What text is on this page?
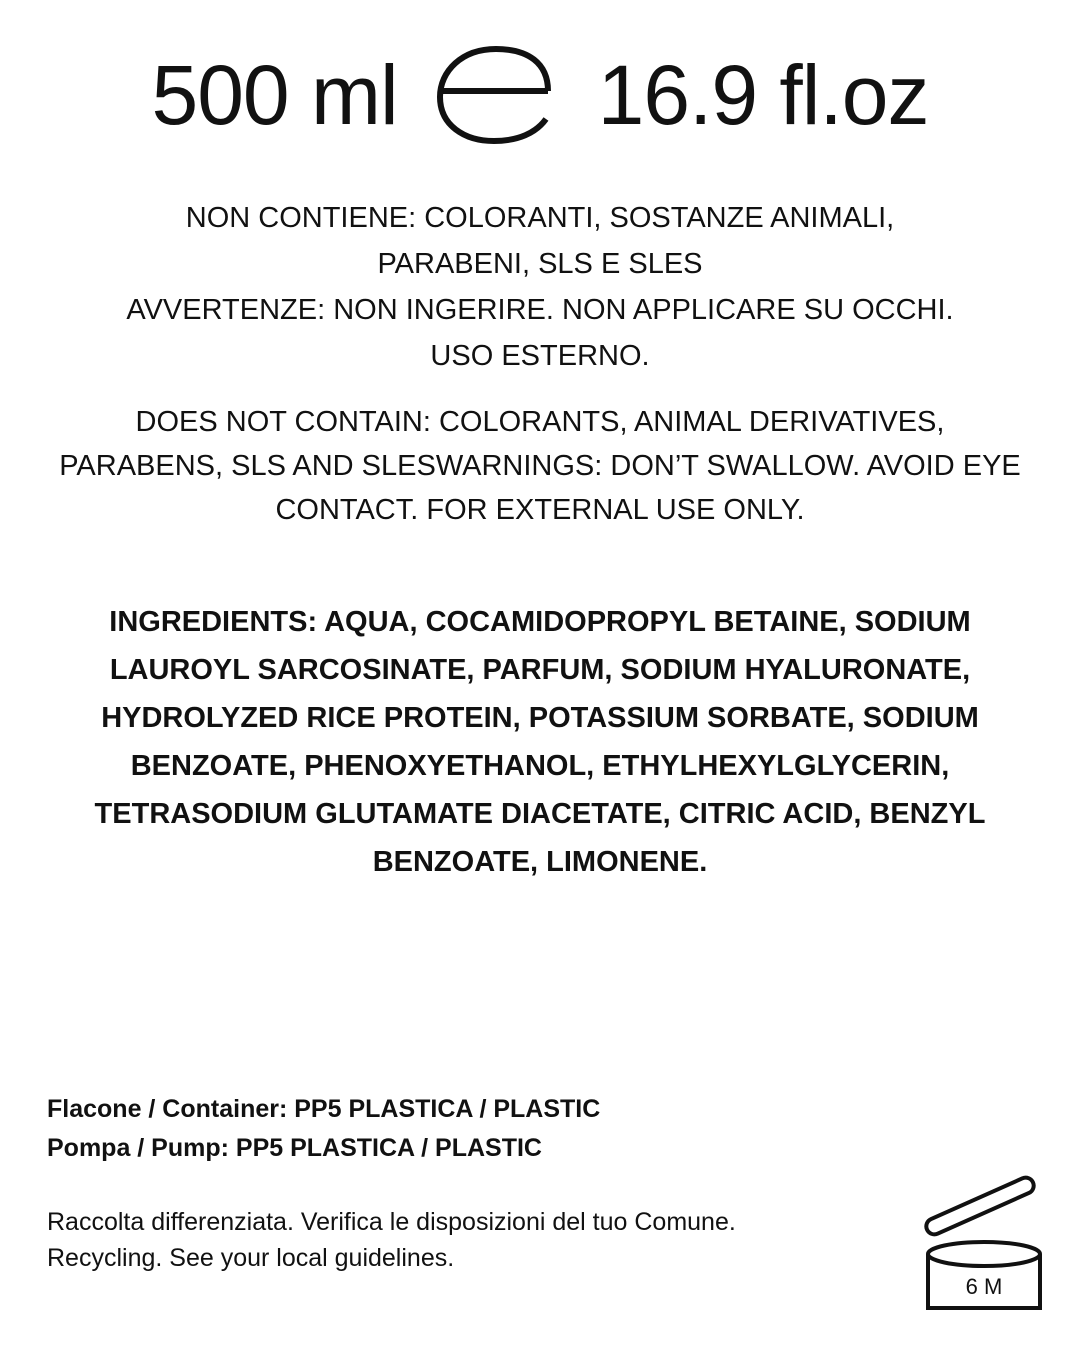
500 ml 16.9 fl.oz
NON CONTIENE: COLORANTI, SOSTANZE ANIMALI,
PARABENI, SLS E SLES
AVVERTENZE: NON INGERIRE. NON APPLICARE SU OCCHI.
USO ESTERNO.
DOES NOT CONTAIN: COLORANTS, ANIMAL DERIVATIVES,
PARABENS, SLS AND SLESWARNINGS: DON’T SWALLOW. AVOID EYE
CONTACT. FOR EXTERNAL USE ONLY.
INGREDIENTS: AQUA, COCAMIDOPROPYL BETAINE, SODIUM
LAUROYL SARCOSINATE, PARFUM, SODIUM HYALURONATE,
HYDROLYZED RICE PROTEIN, POTASSIUM SORBATE, SODIUM
BENZOATE, PHENOXYETHANOL, ETHYLHEXYLGLYCERIN,
TETRASODIUM GLUTAMATE DIACETATE, CITRIC ACID, BENZYL
BENZOATE, LIMONENE.
Flacone / Container: PP5 PLASTICA / PLASTIC
Pompa / Pump: PP5 PLASTICA / PLASTIC
Raccolta differenziata. Verifica le disposizioni del tuo Comune.
Recycling. See your local guidelines.
6 M
